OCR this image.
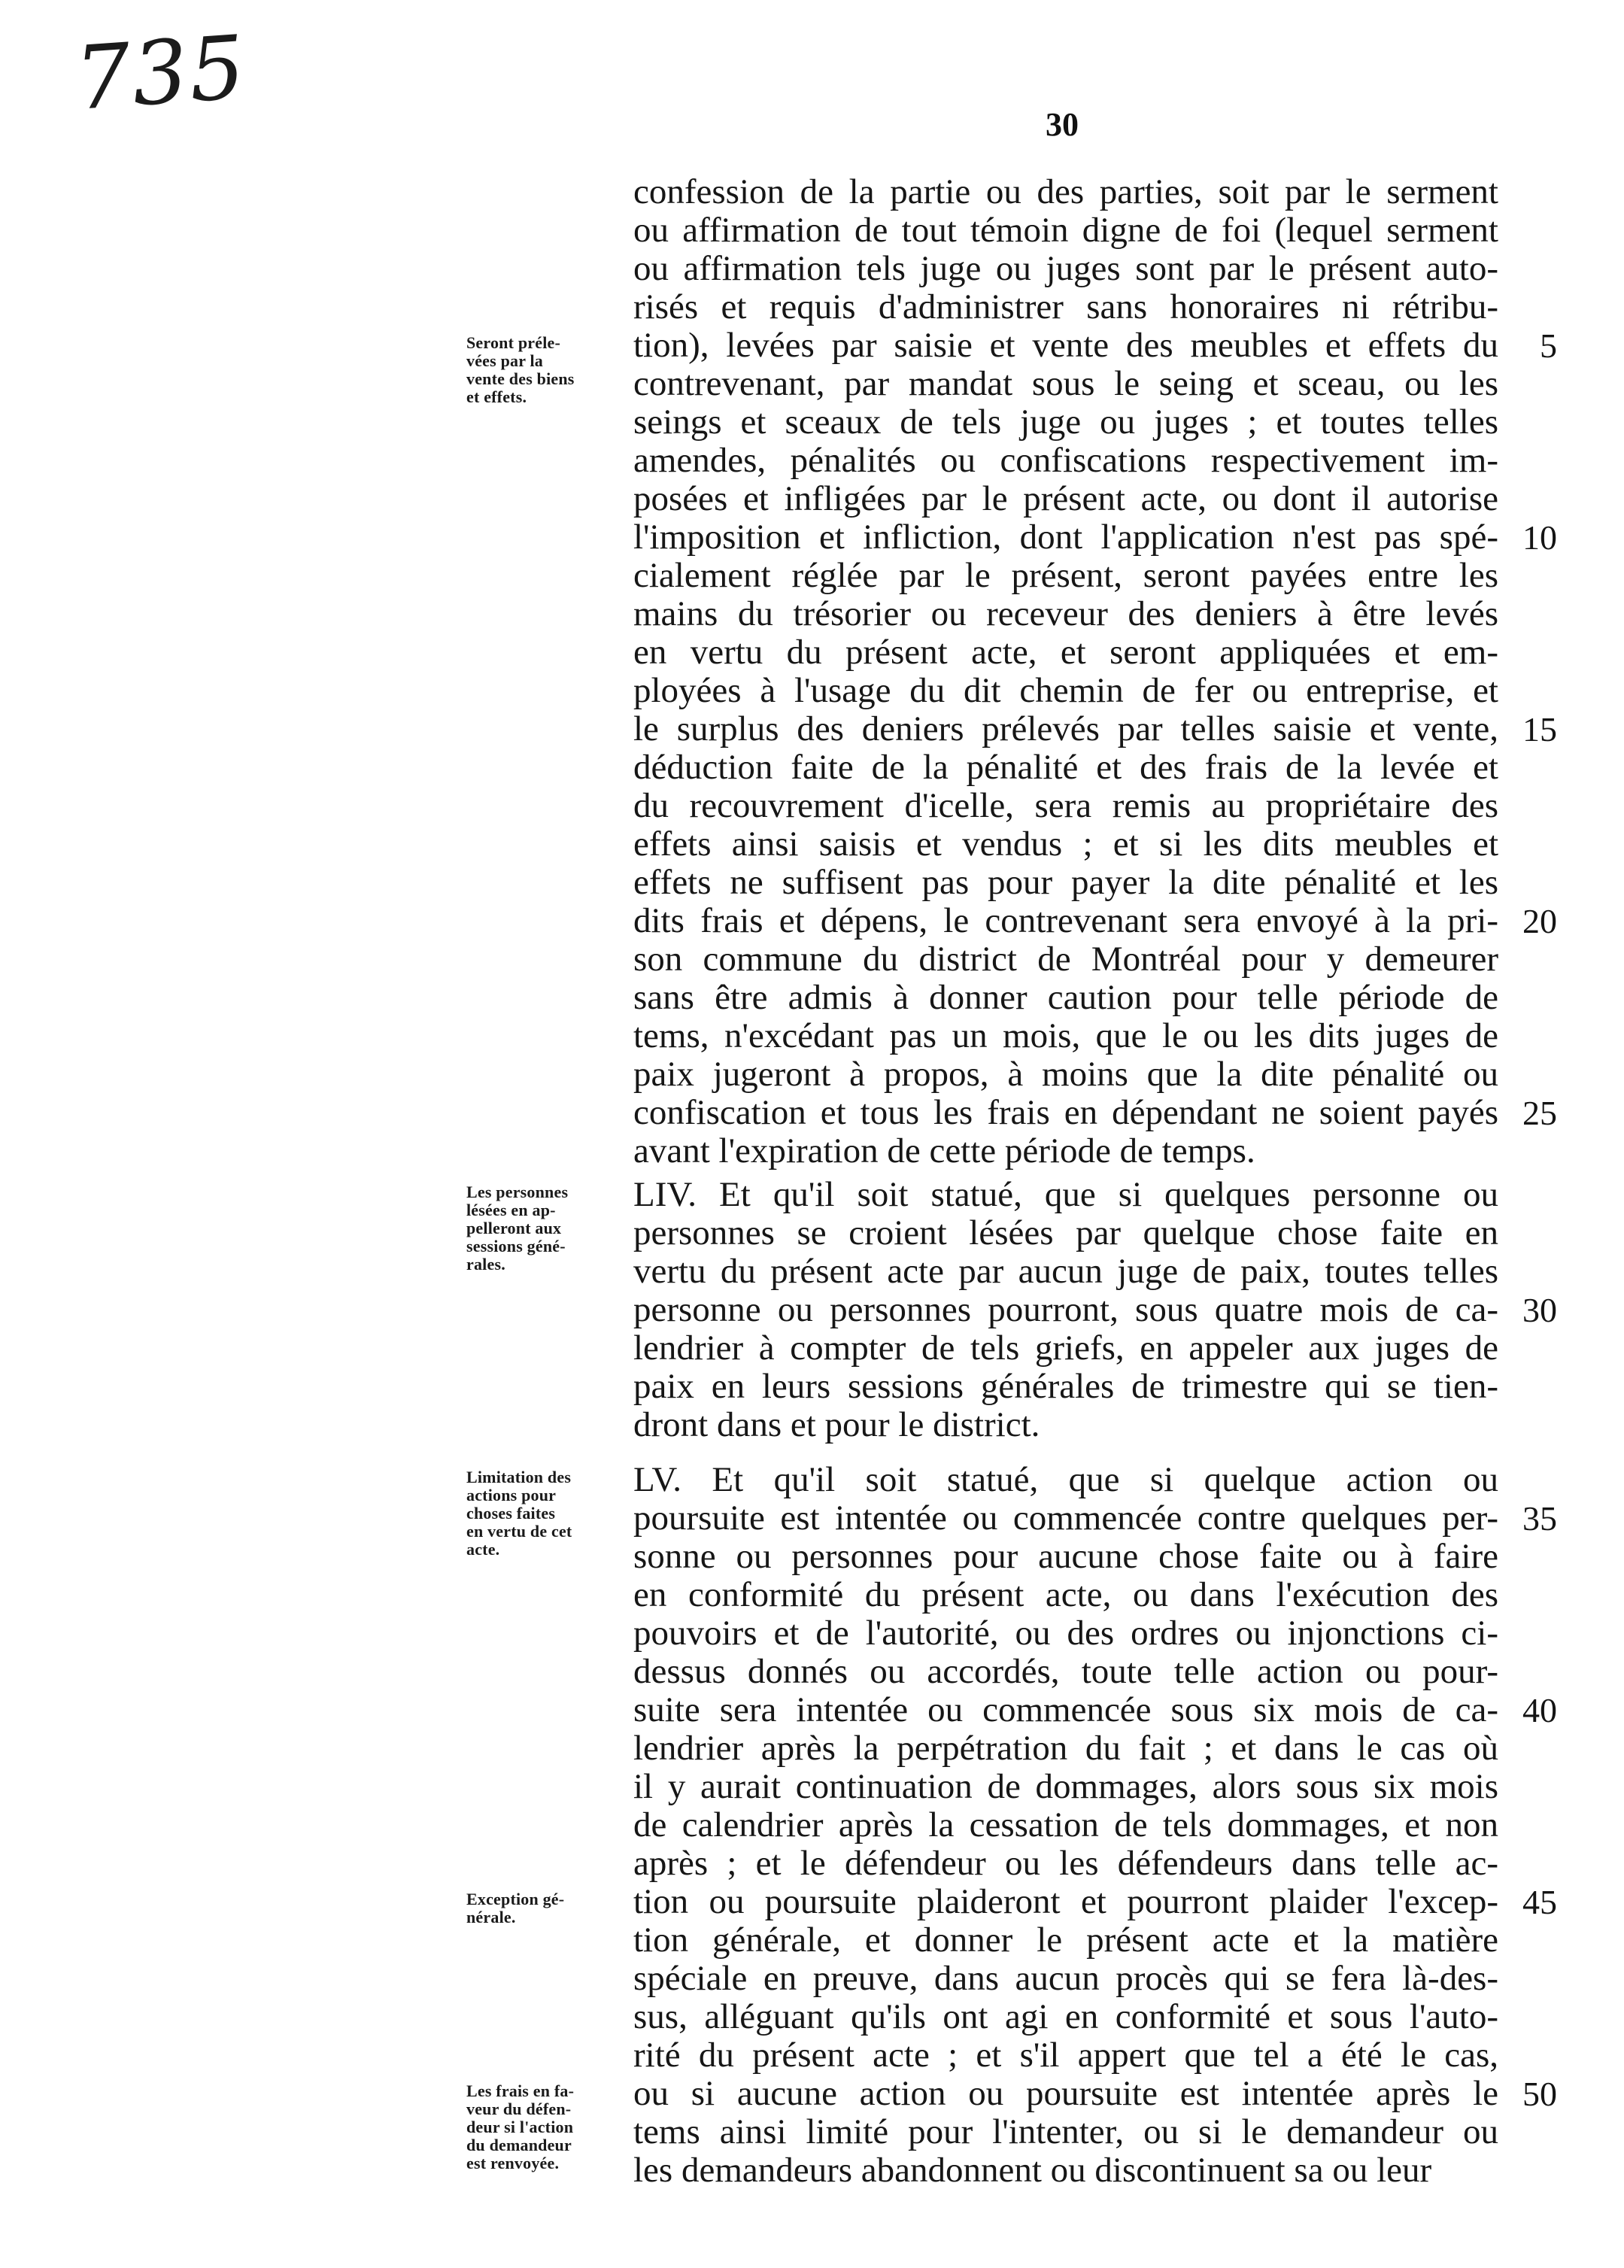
735	30
confession de la partie ou des parties, soit par le serment
ou affirmation de tout témoin digne de foi (lequel serment
ou affirmation tels juge ou juges sont par le présent auto-
risés et requis d'administrer sans honoraires ni rétribu-
tion), levées par saisie et vente des meubles et effets du
contrevenant, par mandat sous le seing et sceau, ou les
seings et sceaux de tels juge ou juges ; et toutes telles
amendes, pénalités ou confiscations respectivement im-
posées et infligées par le présent acte, ou dont il autorise
l'imposition et infliction, dont l'application n'est pas spé-
cialement réglée par le présent, seront payées entre les
mains du trésorier ou receveur des deniers à être levés
en vertu du présent acte, et seront appliquées et em-
ployées à l'usage du dit chemin de fer ou entreprise, et
le surplus des deniers prélevés par telles saisie et vente,
déduction faite de la pénalité et des frais de la levée et
du recouvrement d'icelle, sera remis au propriétaire des
effets ainsi saisis et vendus ; et si les dits meubles et
effets ne suffisent pas pour payer la dite pénalité et les
dits frais et dépens, le contrevenant sera envoyé à la pri-
son commune du district de Montréal pour y demeurer
sans être admis à donner caution pour telle période de
tems, n'excédant pas un mois, que le ou les dits juges de
paix jugeront à propos, à moins que la dite pénalité ou
confiscation et tous les frais en dépendant ne soient payés
avant l'expiration de cette période de temps.
5
10
15
20
25
Seront préle-
vées par la
vente des biens
et effets.
LIV. Et qu'il soit statué, que si quelques personne ou
personnes se croient lésées par quelque chose faite en
vertu du présent acte par aucun juge de paix, toutes telles
personne ou personnes pourront, sous quatre mois de ca-
lendrier à compter de tels griefs, en appeler aux juges de
paix en leurs sessions générales de trimestre qui se tien-
dront dans et pour le district.
30
Les personnes
lésées en ap-
pelleront aux
sessions géné-
rales.
LV. Et qu'il soit statué, que si quelque action ou
poursuite est intentée ou commencée contre quelques per-
sonne ou personnes pour aucune chose faite ou à faire
en conformité du présent acte, ou dans l'exécution des
pouvoirs et de l'autorité, ou des ordres ou injonctions ci-
dessus donnés ou accordés, toute telle action ou pour-
suite sera intentée ou commencée sous six mois de ca-
lendrier après la perpétration du fait ; et dans le cas où
il y aurait continuation de dommages, alors sous six mois
de calendrier après la cessation de tels dommages, et non
après ; et le défendeur ou les défendeurs dans telle ac-
tion ou poursuite plaideront et pourront plaider l'excep-
tion générale, et donner le présent acte et la matière
spéciale en preuve, dans aucun procès qui se fera là-des-
sus, alléguant qu'ils ont agi en conformité et sous l'auto-
rité du présent acte ; et s'il appert que tel a été le cas,
ou si aucune action ou poursuite est intentée après le
tems ainsi limité pour l'intenter, ou si le demandeur ou
les demandeurs abandonnent ou discontinuent sa ou leur
35
40
45
50
Limitation des
actions pour
choses faites
en vertu de cet
acte.
Exception gé-
nérale.
Les frais en fa-
veur du défen-
deur si l'action
du demandeur
est renvoyée.
